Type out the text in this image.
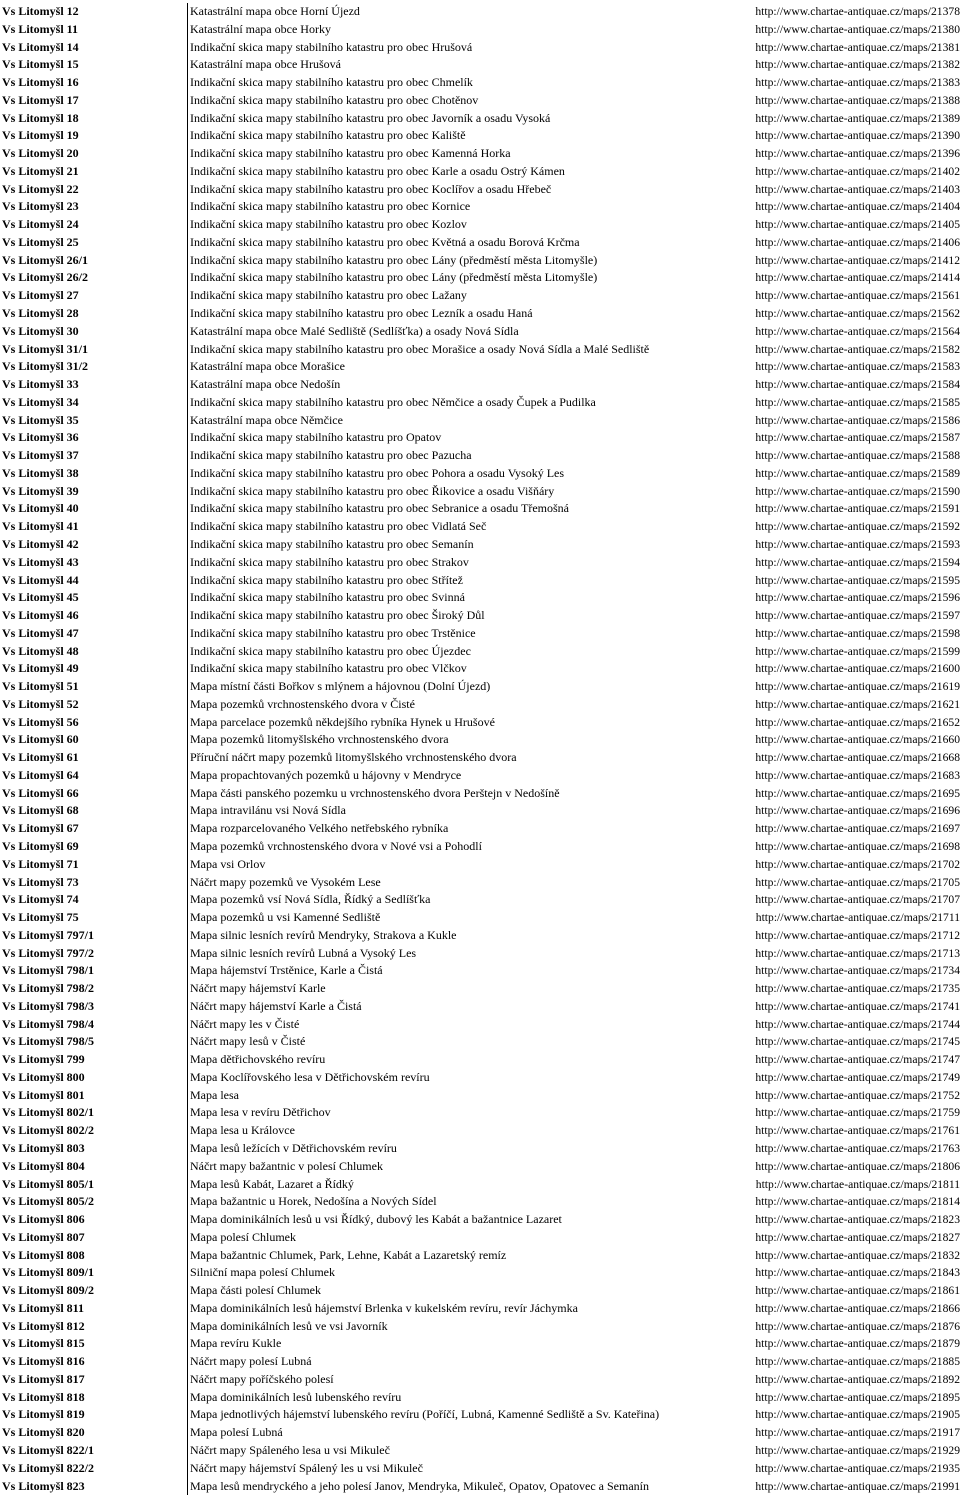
Vs Litomyšl 12	Katastrální mapa obce Horní Újezd	http://www.chartae-antiquae.cz/maps/21378
Vs Litomyšl 11	Katastrální mapa obce Horky	http://www.chartae-antiquae.cz/maps/21380
Vs Litomyšl 14	Indikační skica mapy stabilního katastru pro obec Hrušová	http://www.chartae-antiquae.cz/maps/21381
Vs Litomyšl 15	Katastrální mapa obce Hrušová	http://www.chartae-antiquae.cz/maps/21382
Vs Litomyšl 16	Indikační skica mapy stabilního katastru pro obec Chmelík	http://www.chartae-antiquae.cz/maps/21383
Vs Litomyšl 17	Indikační skica mapy stabilního katastru pro obec Chotěnov	http://www.chartae-antiquae.cz/maps/21388
Vs Litomyšl 18	Indikační skica mapy stabilního katastru pro obec Javorník a osadu Vysoká	http://www.chartae-antiquae.cz/maps/21389
Vs Litomyšl 19	Indikační skica mapy stabilního katastru pro obec Kaliště	http://www.chartae-antiquae.cz/maps/21390
Vs Litomyšl 20	Indikační skica mapy stabilního katastru pro obec Kamenná Horka	http://www.chartae-antiquae.cz/maps/21396
Vs Litomyšl 21	Indikační skica mapy stabilního katastru pro obec Karle a osadu Ostrý Kámen	http://www.chartae-antiquae.cz/maps/21402
Vs Litomyšl 22	Indikační skica mapy stabilního katastru pro obec Koclířov a osadu Hřebeč	http://www.chartae-antiquae.cz/maps/21403
Vs Litomyšl 23	Indikační skica mapy stabilního katastru pro obec Kornice	http://www.chartae-antiquae.cz/maps/21404
Vs Litomyšl 24	Indikační skica mapy stabilního katastru pro obec Kozlov	http://www.chartae-antiquae.cz/maps/21405
Vs Litomyšl 25	Indikační skica mapy stabilního katastru pro obec Květná a osadu Borová Krčma	http://www.chartae-antiquae.cz/maps/21406
Vs Litomyšl 26/1	Indikační skica mapy stabilního katastru pro obec Lány (předměstí města Litomyšle)	http://www.chartae-antiquae.cz/maps/21412
Vs Litomyšl 26/2	Indikační skica mapy stabilního katastru pro obec Lány (předměstí města Litomyšle)	http://www.chartae-antiquae.cz/maps/21414
Vs Litomyšl 27	Indikační skica mapy stabilního katastru pro obec Lažany	http://www.chartae-antiquae.cz/maps/21561
Vs Litomyšl 28	Indikační skica mapy stabilního katastru pro obec Lezník a osadu Haná	http://www.chartae-antiquae.cz/maps/21562
Vs Litomyšl 30	Katastrální mapa obce Malé Sedliště (Sedlíšťka) a osady Nová Sídla	http://www.chartae-antiquae.cz/maps/21564
Vs Litomyšl 31/1	Indikační skica mapy stabilního katastru pro obec Morašice a osady Nová Sídla a Malé Sedliště	http://www.chartae-antiquae.cz/maps/21582
Vs Litomyšl 31/2	Katastrální mapa obce Morašice	http://www.chartae-antiquae.cz/maps/21583
Vs Litomyšl 33	Katastrální mapa obce Nedošín	http://www.chartae-antiquae.cz/maps/21584
Vs Litomyšl 34	Indikační skica mapy stabilního katastru pro obec Němčice a osady Čupek a Pudilka	http://www.chartae-antiquae.cz/maps/21585
Vs Litomyšl 35	Katastrální mapa obce Němčice	http://www.chartae-antiquae.cz/maps/21586
Vs Litomyšl 36	Indikační skica mapy stabilního katastru pro Opatov	http://www.chartae-antiquae.cz/maps/21587
Vs Litomyšl 37	Indikační skica mapy stabilního katastru pro obec Pazucha	http://www.chartae-antiquae.cz/maps/21588
Vs Litomyšl 38	Indikační skica mapy stabilního katastru pro obec Pohora a osadu Vysoký Les	http://www.chartae-antiquae.cz/maps/21589
Vs Litomyšl 39	Indikační skica mapy stabilního katastru pro obec Řikovice a osadu Višňáry	http://www.chartae-antiquae.cz/maps/21590
Vs Litomyšl 40	Indikační skica mapy stabilního katastru pro obec Sebranice a osadu Třemošná	http://www.chartae-antiquae.cz/maps/21591
Vs Litomyšl 41	Indikační skica mapy stabilního katastru pro obec Vidlatá Seč	http://www.chartae-antiquae.cz/maps/21592
Vs Litomyšl 42	Indikační skica mapy stabilního katastru pro obec Semanín	http://www.chartae-antiquae.cz/maps/21593
Vs Litomyšl 43	Indikační skica mapy stabilního katastru pro obec Strakov	http://www.chartae-antiquae.cz/maps/21594
Vs Litomyšl 44	Indikační skica mapy stabilního katastru pro obec Střítež	http://www.chartae-antiquae.cz/maps/21595
Vs Litomyšl 45	Indikační skica mapy stabilního katastru pro obec Svinná	http://www.chartae-antiquae.cz/maps/21596
Vs Litomyšl 46	Indikační skica mapy stabilního katastru pro obec Široký Důl	http://www.chartae-antiquae.cz/maps/21597
Vs Litomyšl 47	Indikační skica mapy stabilního katastru pro obec Trstěnice	http://www.chartae-antiquae.cz/maps/21598
Vs Litomyšl 48	Indikační skica mapy stabilního katastru pro obec Újezdec	http://www.chartae-antiquae.cz/maps/21599
Vs Litomyšl 49	Indikační skica mapy stabilního katastru pro obec Vlčkov	http://www.chartae-antiquae.cz/maps/21600
Vs Litomyšl 51	Mapa místní části Bořkov s mlýnem a hájovnou (Dolní Újezd)	http://www.chartae-antiquae.cz/maps/21619
Vs Litomyšl 52	Mapa pozemků vrchnostenského dvora v Čisté	http://www.chartae-antiquae.cz/maps/21621
Vs Litomyšl 56	Mapa parcelace pozemků někdejšího rybníka Hynek u Hrušové	http://www.chartae-antiquae.cz/maps/21652
Vs Litomyšl 60	Mapa pozemků litomyšlského vrchnostenského dvora	http://www.chartae-antiquae.cz/maps/21660
Vs Litomyšl 61	Příruční náčrt mapy pozemků litomyšlského vrchnostenského dvora	http://www.chartae-antiquae.cz/maps/21668
Vs Litomyšl 64	Mapa propachtovaných pozemků u hájovny v Mendryce	http://www.chartae-antiquae.cz/maps/21683
Vs Litomyšl 66	Mapa části panského pozemku u vrchnostenského dvora Perštejn v Nedošíně	http://www.chartae-antiquae.cz/maps/21695
Vs Litomyšl 68	Mapa intravilánu vsi Nová Sídla	http://www.chartae-antiquae.cz/maps/21696
Vs Litomyšl 67	Mapa rozparcelovaného Velkého netřebského rybníka	http://www.chartae-antiquae.cz/maps/21697
Vs Litomyšl 69	Mapa pozemků vrchnostenského dvora v Nové vsi a Pohodlí	http://www.chartae-antiquae.cz/maps/21698
Vs Litomyšl 71	Mapa vsi Orlov	http://www.chartae-antiquae.cz/maps/21702
Vs Litomyšl 73	Náčrt mapy pozemků ve Vysokém Lese	http://www.chartae-antiquae.cz/maps/21705
Vs Litomyšl 74	Mapa pozemků vsí Nová Sídla, Řídký a Sedlíšťka	http://www.chartae-antiquae.cz/maps/21707
Vs Litomyšl 75	Mapa pozemků u vsi Kamenné Sedliště	http://www.chartae-antiquae.cz/maps/21711
Vs Litomyšl 797/1	Mapa silnic lesních revírů Mendryky, Strakova a Kukle	http://www.chartae-antiquae.cz/maps/21712
Vs Litomyšl 797/2	Mapa silnic lesních revírů Lubná a Vysoký Les	http://www.chartae-antiquae.cz/maps/21713
Vs Litomyšl 798/1	Mapa hájemství Trstěnice, Karle a Čistá	http://www.chartae-antiquae.cz/maps/21734
Vs Litomyšl 798/2	Náčrt mapy hájemství Karle	http://www.chartae-antiquae.cz/maps/21735
Vs Litomyšl 798/3	Náčrt mapy hájemství Karle a Čistá	http://www.chartae-antiquae.cz/maps/21741
Vs Litomyšl 798/4	Náčrt mapy les v Čisté	http://www.chartae-antiquae.cz/maps/21744
Vs Litomyšl 798/5	Náčrt mapy lesů v Čisté	http://www.chartae-antiquae.cz/maps/21745
Vs Litomyšl 799	Mapa dětřichovského revíru	http://www.chartae-antiquae.cz/maps/21747
Vs Litomyšl 800	Mapa Koclířovského lesa v Dětřichovském revíru	http://www.chartae-antiquae.cz/maps/21749
Vs Litomyšl 801	Mapa lesa	http://www.chartae-antiquae.cz/maps/21752
Vs Litomyšl 802/1	Mapa lesa v revíru Dětřichov	http://www.chartae-antiquae.cz/maps/21759
Vs Litomyšl 802/2	Mapa lesa u Královce	http://www.chartae-antiquae.cz/maps/21761
Vs Litomyšl 803	Mapa lesů ležících v Dětřichovském revíru	http://www.chartae-antiquae.cz/maps/21763
Vs Litomyšl 804	Náčrt mapy bažantnic v polesí Chlumek	http://www.chartae-antiquae.cz/maps/21806
Vs Litomyšl 805/1	Mapa lesů Kabát, Lazaret a Řídký	http://www.chartae-antiquae.cz/maps/21811
Vs Litomyšl 805/2	Mapa bažantnic u Horek, Nedošína a Nových Sídel	http://www.chartae-antiquae.cz/maps/21814
Vs Litomyšl 806	Mapa dominikálních lesů u vsi Řídký, dubový les Kabát a bažantnice Lazaret	http://www.chartae-antiquae.cz/maps/21823
Vs Litomyšl 807	Mapa polesí Chlumek	http://www.chartae-antiquae.cz/maps/21827
Vs Litomyšl 808	Mapa bažantnic Chlumek, Park, Lehne, Kabát a Lazaretský remíz	http://www.chartae-antiquae.cz/maps/21832
Vs Litomyšl 809/1	Silniční mapa polesí Chlumek	http://www.chartae-antiquae.cz/maps/21843
Vs Litomyšl 809/2	Mapa části polesí Chlumek	http://www.chartae-antiquae.cz/maps/21861
Vs Litomyšl 811	Mapa dominikálních lesů hájemství Brlenka v kukelském revíru, revír Jáchymka	http://www.chartae-antiquae.cz/maps/21866
Vs Litomyšl 812	Mapa dominikálních lesů ve vsi Javorník	http://www.chartae-antiquae.cz/maps/21876
Vs Litomyšl 815	Mapa revíru Kukle	http://www.chartae-antiquae.cz/maps/21879
Vs Litomyšl 816	Náčrt mapy polesí Lubná	http://www.chartae-antiquae.cz/maps/21885
Vs Litomyšl 817	Náčrt mapy poříčského polesí	http://www.chartae-antiquae.cz/maps/21892
Vs Litomyšl 818	Mapa dominikálních lesů lubenského revíru	http://www.chartae-antiquae.cz/maps/21895
Vs Litomyšl 819	Mapa jednotlivých hájemství lubenského revíru (Poříčí, Lubná, Kamenné Sedliště a Sv. Kateřina)	http://www.chartae-antiquae.cz/maps/21905
Vs Litomyšl 820	Mapa polesí Lubná	http://www.chartae-antiquae.cz/maps/21917
Vs Litomyšl 822/1	Náčrt mapy Spáleného lesa u vsi Mikuleč	http://www.chartae-antiquae.cz/maps/21929
Vs Litomyšl 822/2	Náčrt mapy hájemství Spálený les u vsi Mikuleč	http://www.chartae-antiquae.cz/maps/21935
Vs Litomyšl 823	Mapa lesů mendryckého a jeho polesí Janov, Mendryka, Mikuleč, Opatov, Opatovec a Semanín	http://www.chartae-antiquae.cz/maps/21991
